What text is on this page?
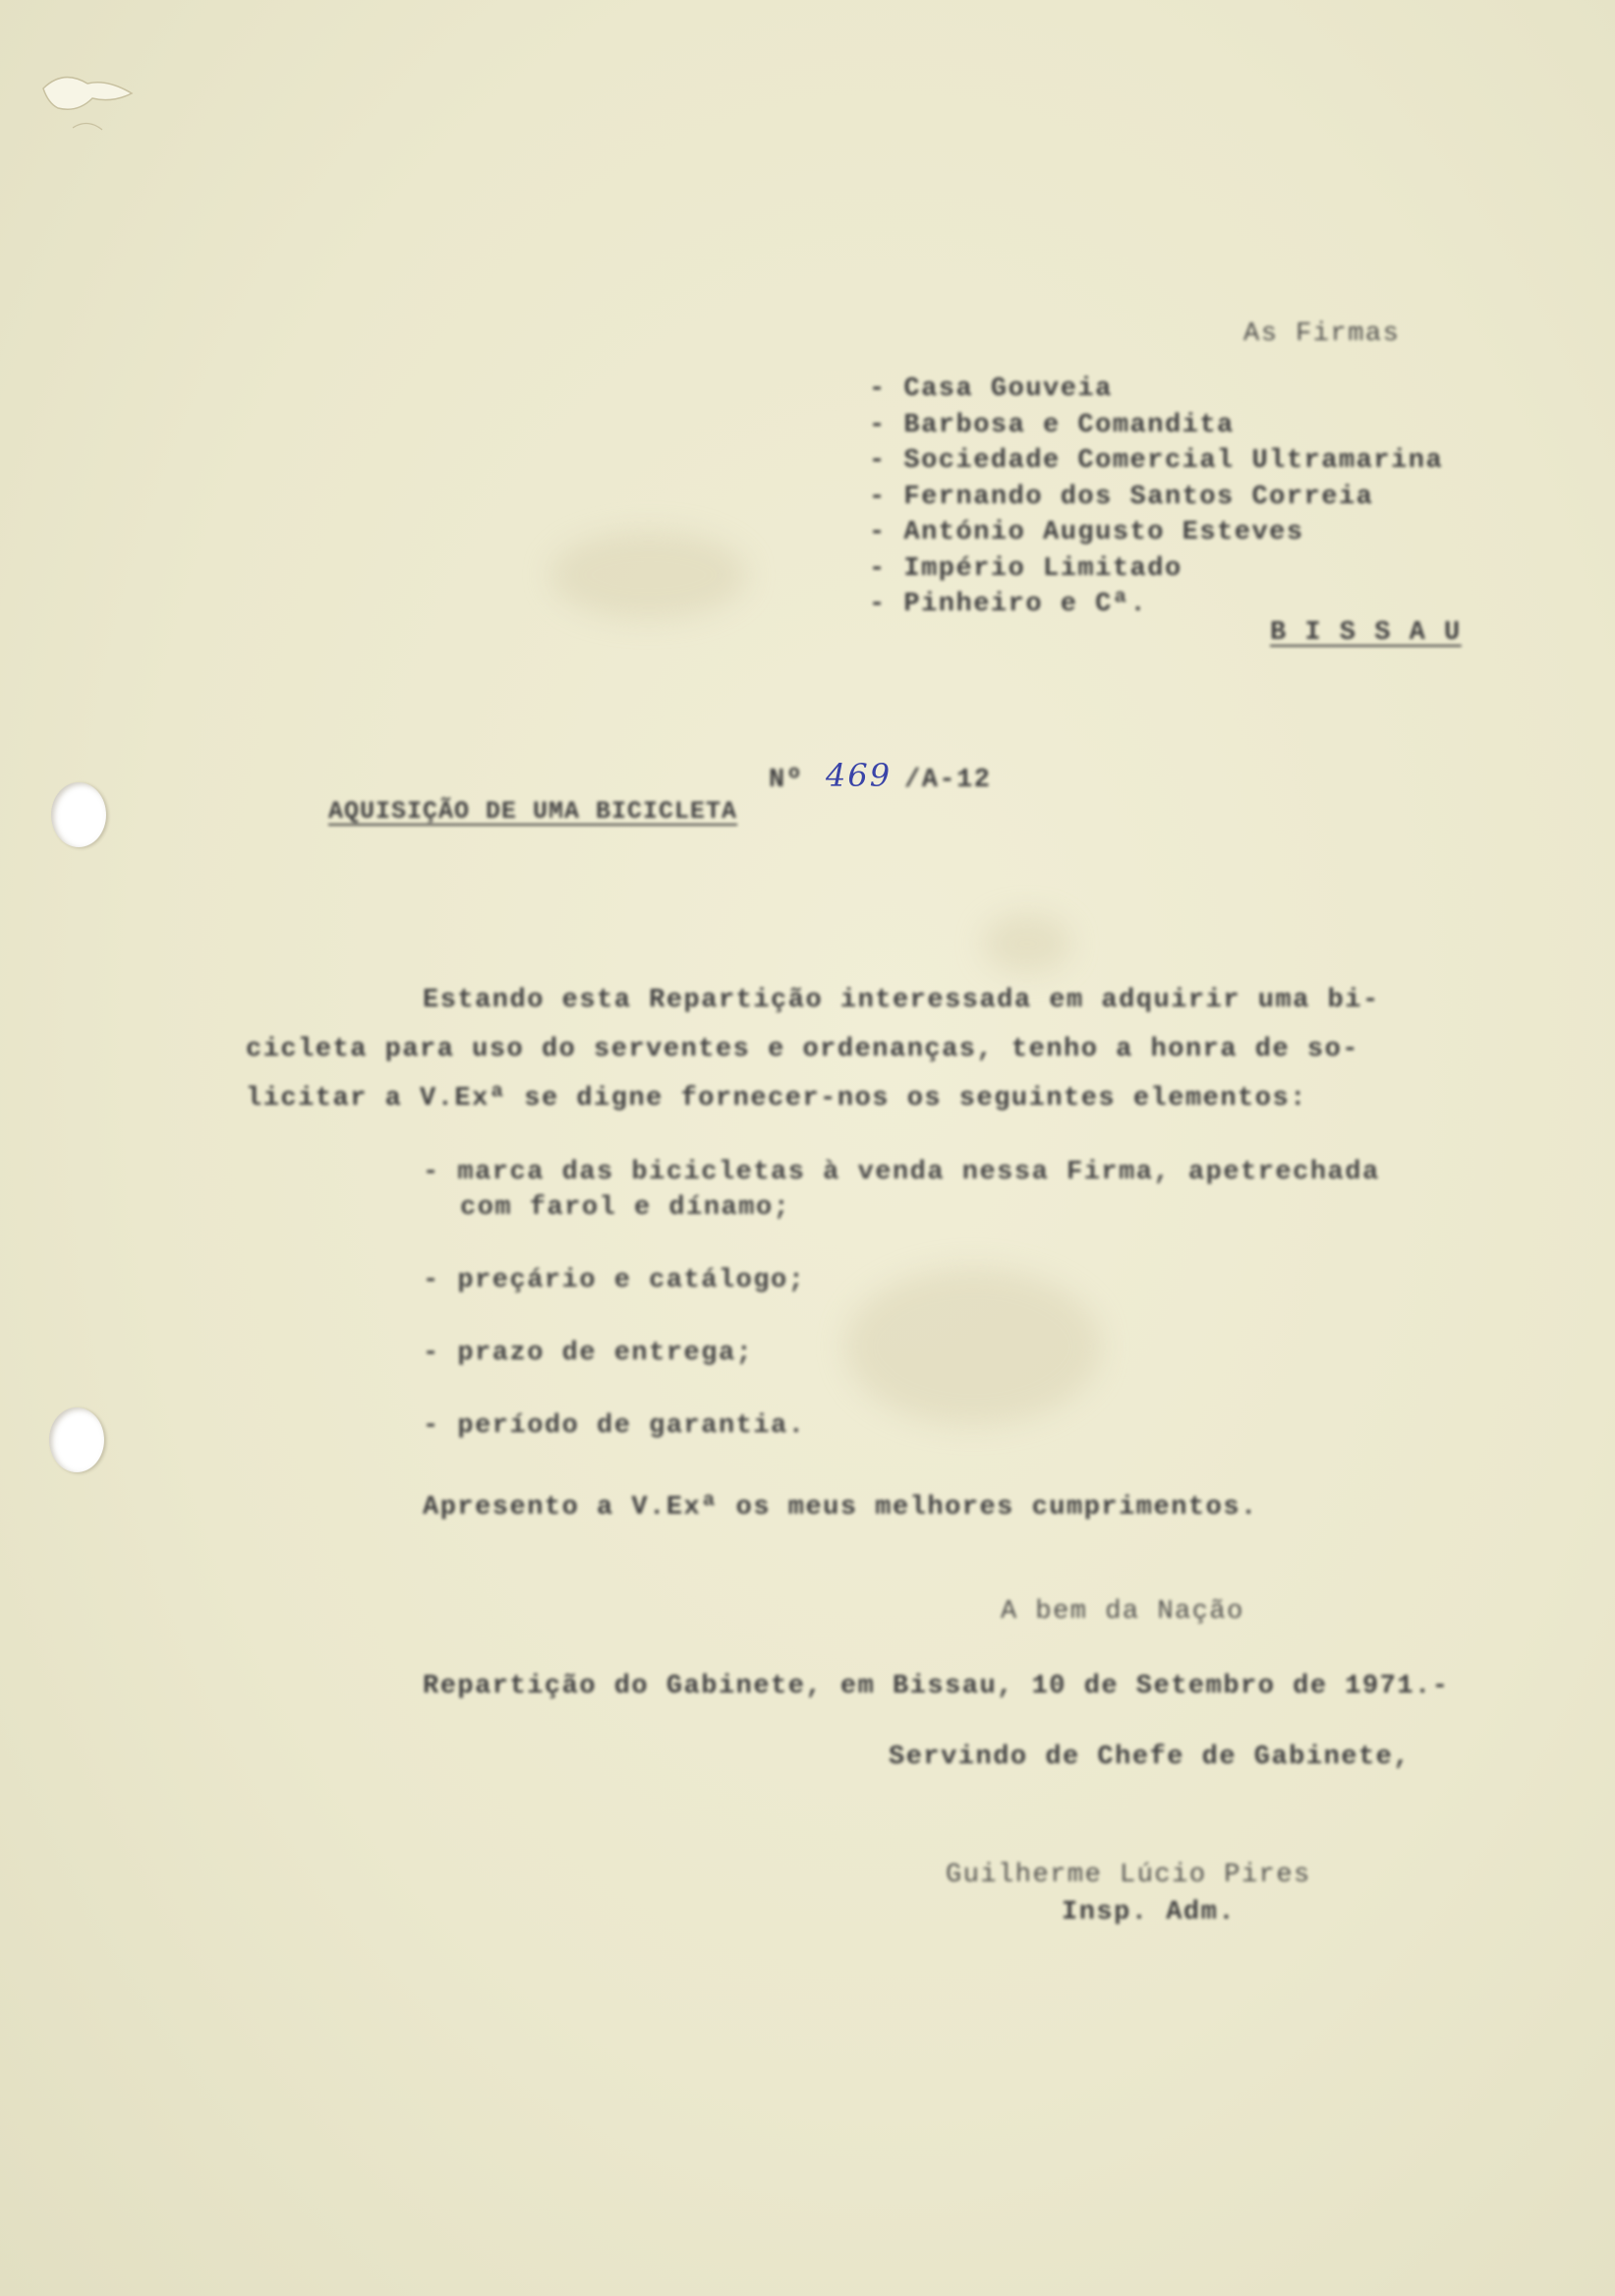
As Firmas
- Casa Gouveia
- Barbosa e Comandita
- Sociedade Comercial Ultramarina
- Fernando dos Santos Correia
- António Augusto Esteves
- Império Limitado
- Pinheiro e Cª.
B I S S A U
Nº 469 /A-12
AQUISIÇÃO DE UMA BICICLETA
Estando esta Repartição interessada em adquirir uma bi-
cicleta para uso do serventes e ordenanças, tenho a honra de so-
licitar a V.Exª se digne fornecer-nos os seguintes elementos:
- marca das bicicletas à venda nessa Firma, apetrechada
com farol e dínamo;
- preçário e catálogo;
- prazo de entrega;
- período de garantia.
Apresento a V.Exª os meus melhores cumprimentos.
A bem da Nação
Repartição do Gabinete, em Bissau, 10 de Setembro de 1971.-
Servindo de Chefe de Gabinete,
Guilherme Lúcio Pires
Insp. Adm.
